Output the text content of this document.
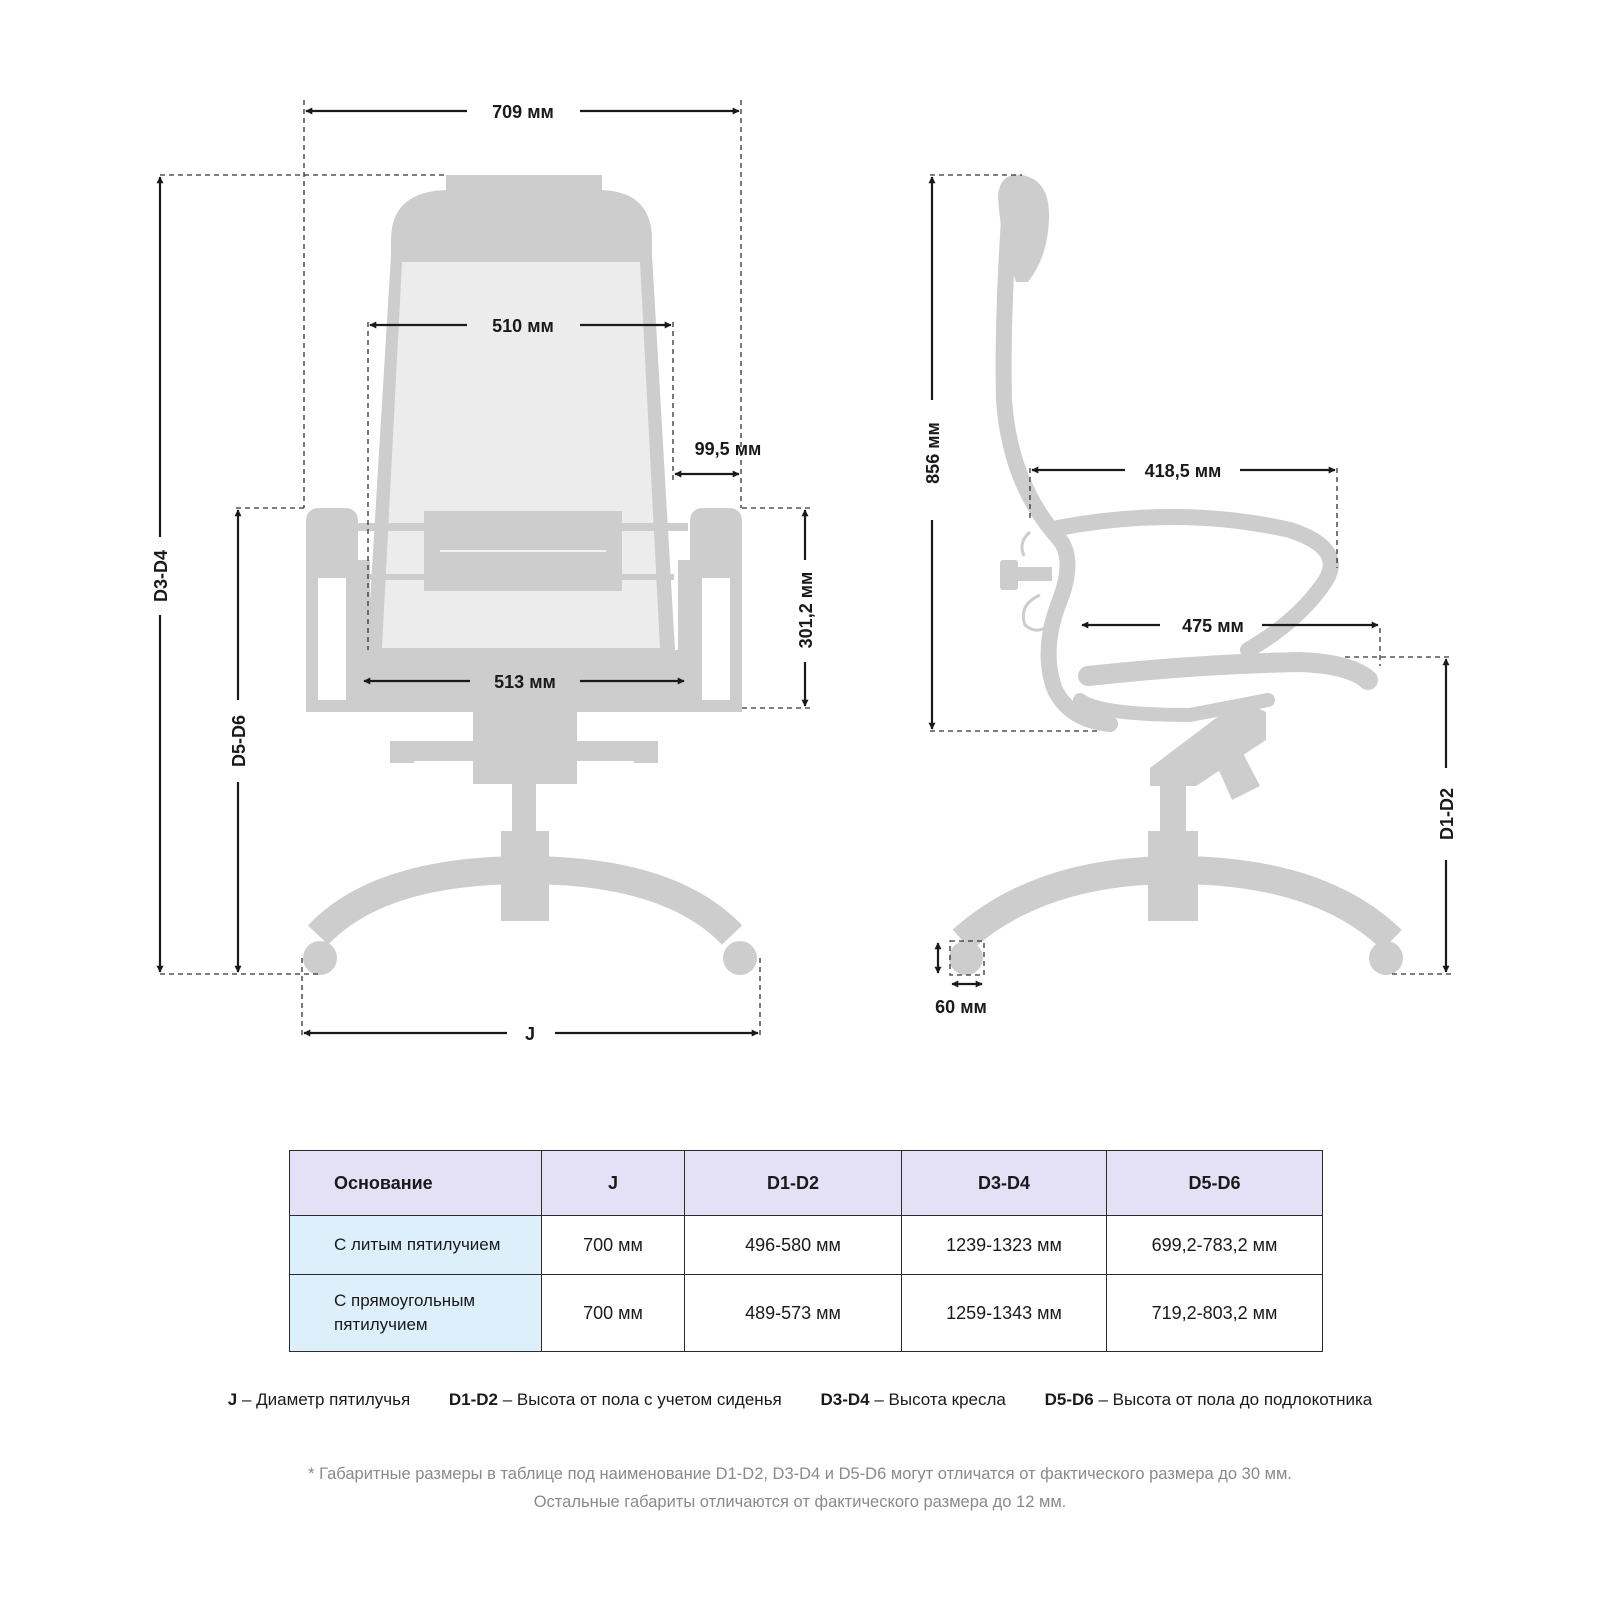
709 мм
510 мм
99,5 мм
301,2 мм
513 мм
D3-D4
D5-D6
J
856 мм	418,5 мм
475 мм
D1-D2
60 мм
Основание	J	D1-D2	D3-D4	D5-D6
С литым пятилучием	700 мм	496-580 мм	1239-1323 мм	699,2-783,2 мм
С прямоугольным пятилучием	700 мм	489-573 мм	1259-1343 мм	719,2-803,2 мм
J – Диаметр пятилучья D1-D2 – Высота от пола с учетом сиденья D3-D4 – Высота кресла D5-D6 – Высота от пола до подлокотника
* Габаритные размеры в таблице под наименование D1-D2, D3-D4 и D5-D6 могут отличатся от фактического размера до 30 мм.
Остальные габариты отличаются от фактического размера до 12 мм.
